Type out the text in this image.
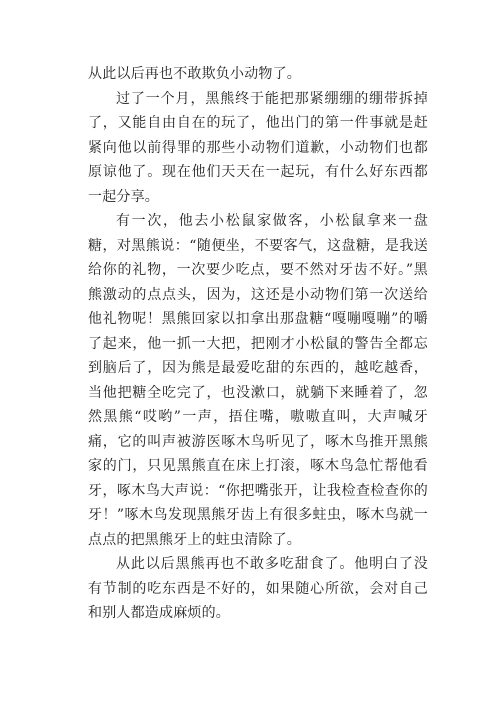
从此以后再也不敢欺负小动物了。

过了一个月，黑熊终于能把那紧绷绷的绷带拆掉了，又能自由自在的玩了，他出门的第一件事就是赶紧向他以前得罪的那些小动物们道歉，小动物们也都原谅他了。现在他们天天在一起玩，有什么好东西都一起分享。

有一次，他去小松鼠家做客，小松鼠拿来一盘糖，对黑熊说：“随便坐，不要客气，这盘糖，是我送给你的礼物，一次要少吃点，要不然对牙齿不好。”黑熊激动的点点头，因为，这还是小动物们第一次送给他礼物呢！黑熊回家以扣拿出那盘糖“嘎嘣嘎嘣”的嚼了起来，他一抓一大把，把刚才小松鼠的警告全都忘到脑后了，因为熊是最爱吃甜的东西的，越吃越香，当他把糖全吃完了，也没漱口，就躺下来睡着了，忽然黑熊“哎哟”一声，捂住嘴，嗷嗷直叫，大声喊牙痛，它的叫声被游医啄木鸟听见了，啄木鸟推开黑熊家的门，只见黑熊直在床上打滚，啄木鸟急忙帮他看牙，啄木鸟大声说：“你把嘴张开，让我检查检查你的牙！”啄木鸟发现黑熊牙齿上有很多蛀虫，啄木鸟就一点点的把黑熊牙上的蛀虫清除了。

从此以后黑熊再也不敢多吃甜食了。他明白了没有节制的吃东西是不好的，如果随心所欲，会对自己和别人都造成麻烦的。
